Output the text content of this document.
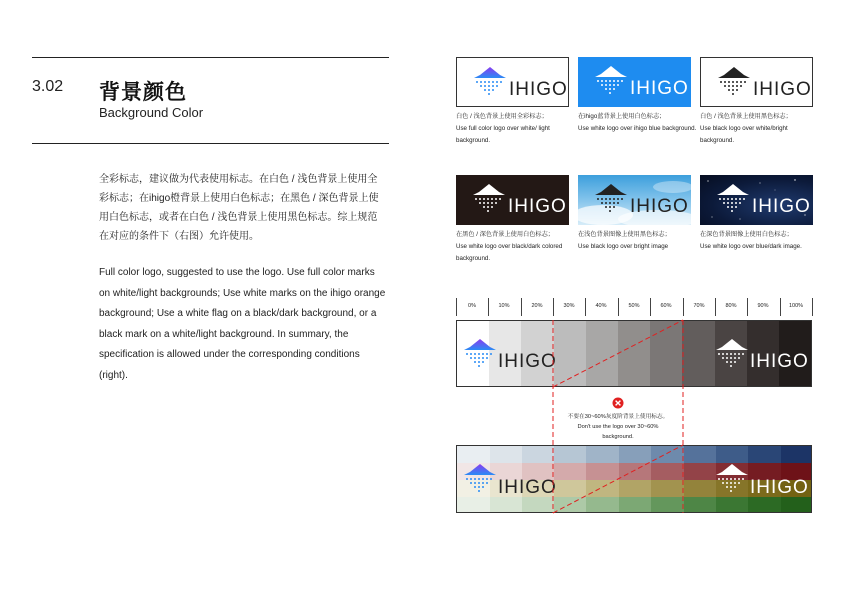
3.02 背景颜色
Background Color
全彩标志，建议做为代表使用标志。在白色 / 浅色背景上使用全彩标志；在ihigo橙背景上使用白色标志；在黑色 / 深色背景上使用白色标志，或者在白色 / 浅色背景上使用黑色标志。综上规范在对应的条件下（右图）允许使用。
Full color logo, suggested to use the logo. Use full color marks on white/light backgrounds; Use white marks on the ihigo orange background; Use a white flag on a black/dark background, or a black mark on a white/light background. In summary, the specification is allowed under the corresponding conditions (right).
IHIGO
白色 / 浅色背景上使用全彩标志；
Use full color logo over white/ light background.
IHIGO
在ihigo蓝背景上使用白色标志；
Use white logo over ihigo blue background.
IHIGO
白色 / 浅色背景上使用黑色标志；
Use black logo over white/bright background.
IHIGO
在黑色 / 深色背景上使用白色标志；
Use white logo over black/dark colored background.
IHIGO
在浅色背景图像上使用黑色标志；
Use black logo over bright image
IHIGO
在深色背景图像上使用白色标志；
Use white logo over blue/dark image.
0%	10%	20%	30%	40%	50%	60%	70%	80%	90%	100%
IHIGO	IHIGO
IHIGO	IHIGO
不要在30~60%灰度阶背景上使用标志。
Don't use the logo over 30~60%
background.
